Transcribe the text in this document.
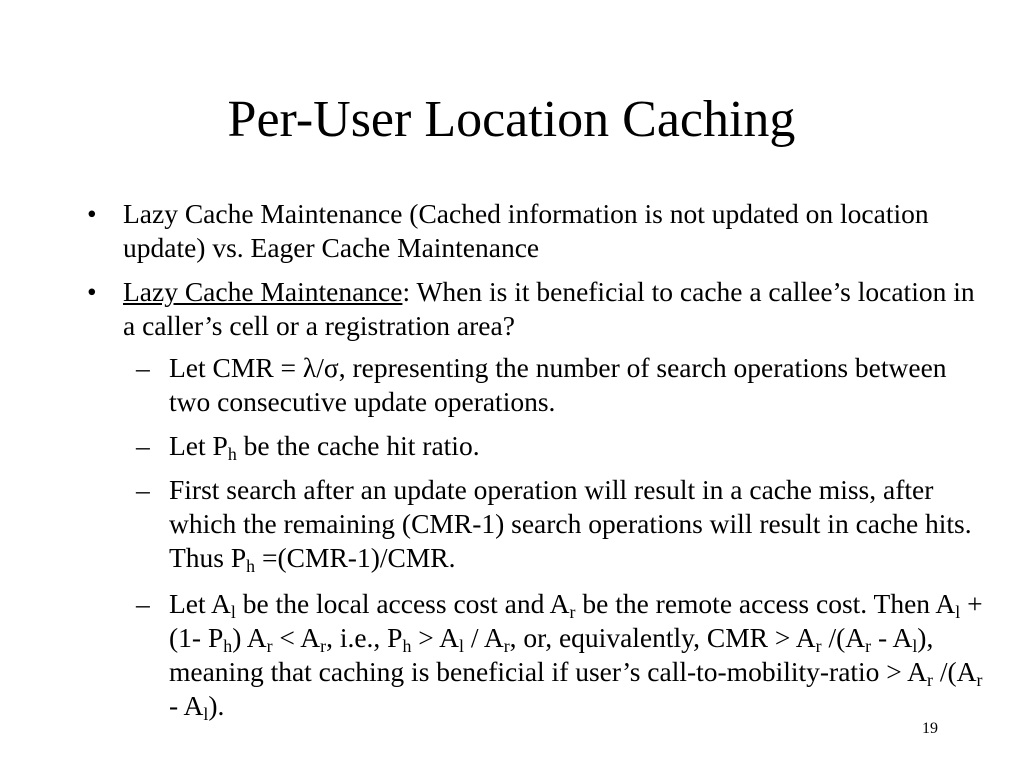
Per-User Location Caching
• Lazy Cache Maintenance (Cached information is not updated on location update) vs. Eager Cache Maintenance
• Lazy Cache Maintenance: When is it beneficial to cache a callee’s location in a caller’s cell or a registration area?
– Let CMR = λ/σ, representing the number of search operations between two consecutive update operations.
– Let $P_h$ be the cache hit ratio.
– First search after an update operation will result in a cache miss, after which the remaining (CMR-1) search operations will result in cache hits. Thus $P_h =(CMR-1)/CMR$.
– Let $A_l$ be the local access cost and $A_r$ be the remote access cost. Then $A_l + (1-$ $P_h$) $A_r < A_r$, i.e., $P_h > A_l / A_r$, or, equivalently, CMR > $A_r$ $/(A_r - A_l)$, meaning that caching is beneficial if user’s call-to-mobility-ratio > $A_r$ $/(A_r - A_l)$.
19
